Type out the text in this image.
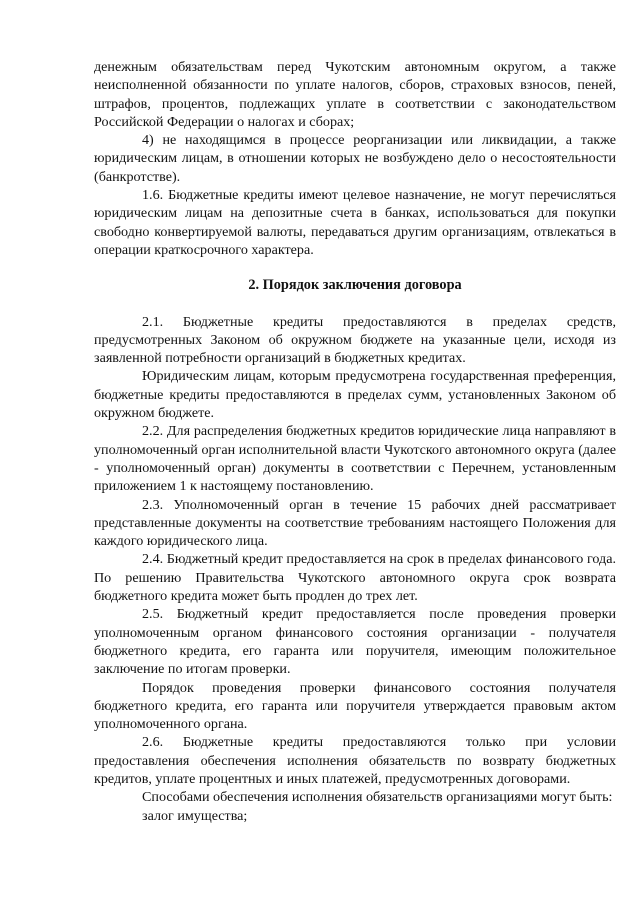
денежным обязательствам перед Чукотским автономным округом, а также неисполненной обязанности по уплате налогов, сборов, страховых взносов, пеней, штрафов, процентов, подлежащих уплате в соответствии с законодательством Российской Федерации о налогах и сборах;

4) не находящимся в процессе реорганизации или ликвидации, а также юридическим лицам, в отношении которых не возбуждено дело о несостоятельности (банкротстве).

1.6. Бюджетные кредиты имеют целевое назначение, не могут перечисляться юридическим лицам на депозитные счета в банках, использоваться для покупки свободно конвертируемой валюты, передаваться другим организациям, отвлекаться в операции краткосрочного характера.

2. Порядок заключения договора

2.1. Бюджетные кредиты предоставляются в пределах средств, предусмотренных Законом об окружном бюджете на указанные цели, исходя из заявленной потребности организаций в бюджетных кредитах.

Юридическим лицам, которым предусмотрена государственная преференция, бюджетные кредиты предоставляются в пределах сумм, установленных Законом об окружном бюджете.

2.2. Для распределения бюджетных кредитов юридические лица направляют в уполномоченный орган исполнительной власти Чукотского автономного округа (далее - уполномоченный орган) документы в соответствии с Перечнем, установленным приложением 1 к настоящему постановлению.

2.3. Уполномоченный орган в течение 15 рабочих дней рассматривает представленные документы на соответствие требованиям настоящего Положения для каждого юридического лица.

2.4. Бюджетный кредит предоставляется на срок в пределах финансового года. По решению Правительства Чукотского автономного округа срок возврата бюджетного кредита может быть продлен до трех лет.

2.5. Бюджетный кредит предоставляется после проведения проверки уполномоченным органом финансового состояния организации - получателя бюджетного кредита, его гаранта или поручителя, имеющим положительное заключение по итогам проверки.

Порядок проведения проверки финансового состояния получателя бюджетного кредита, его гаранта или поручителя утверждается правовым актом уполномоченного органа.

2.6. Бюджетные кредиты предоставляются только при условии предоставления обеспечения исполнения обязательств по возврату бюджетных кредитов, уплате процентных и иных платежей, предусмотренных договорами.

Способами обеспечения исполнения обязательств организациями могут быть:

залог имущества;
